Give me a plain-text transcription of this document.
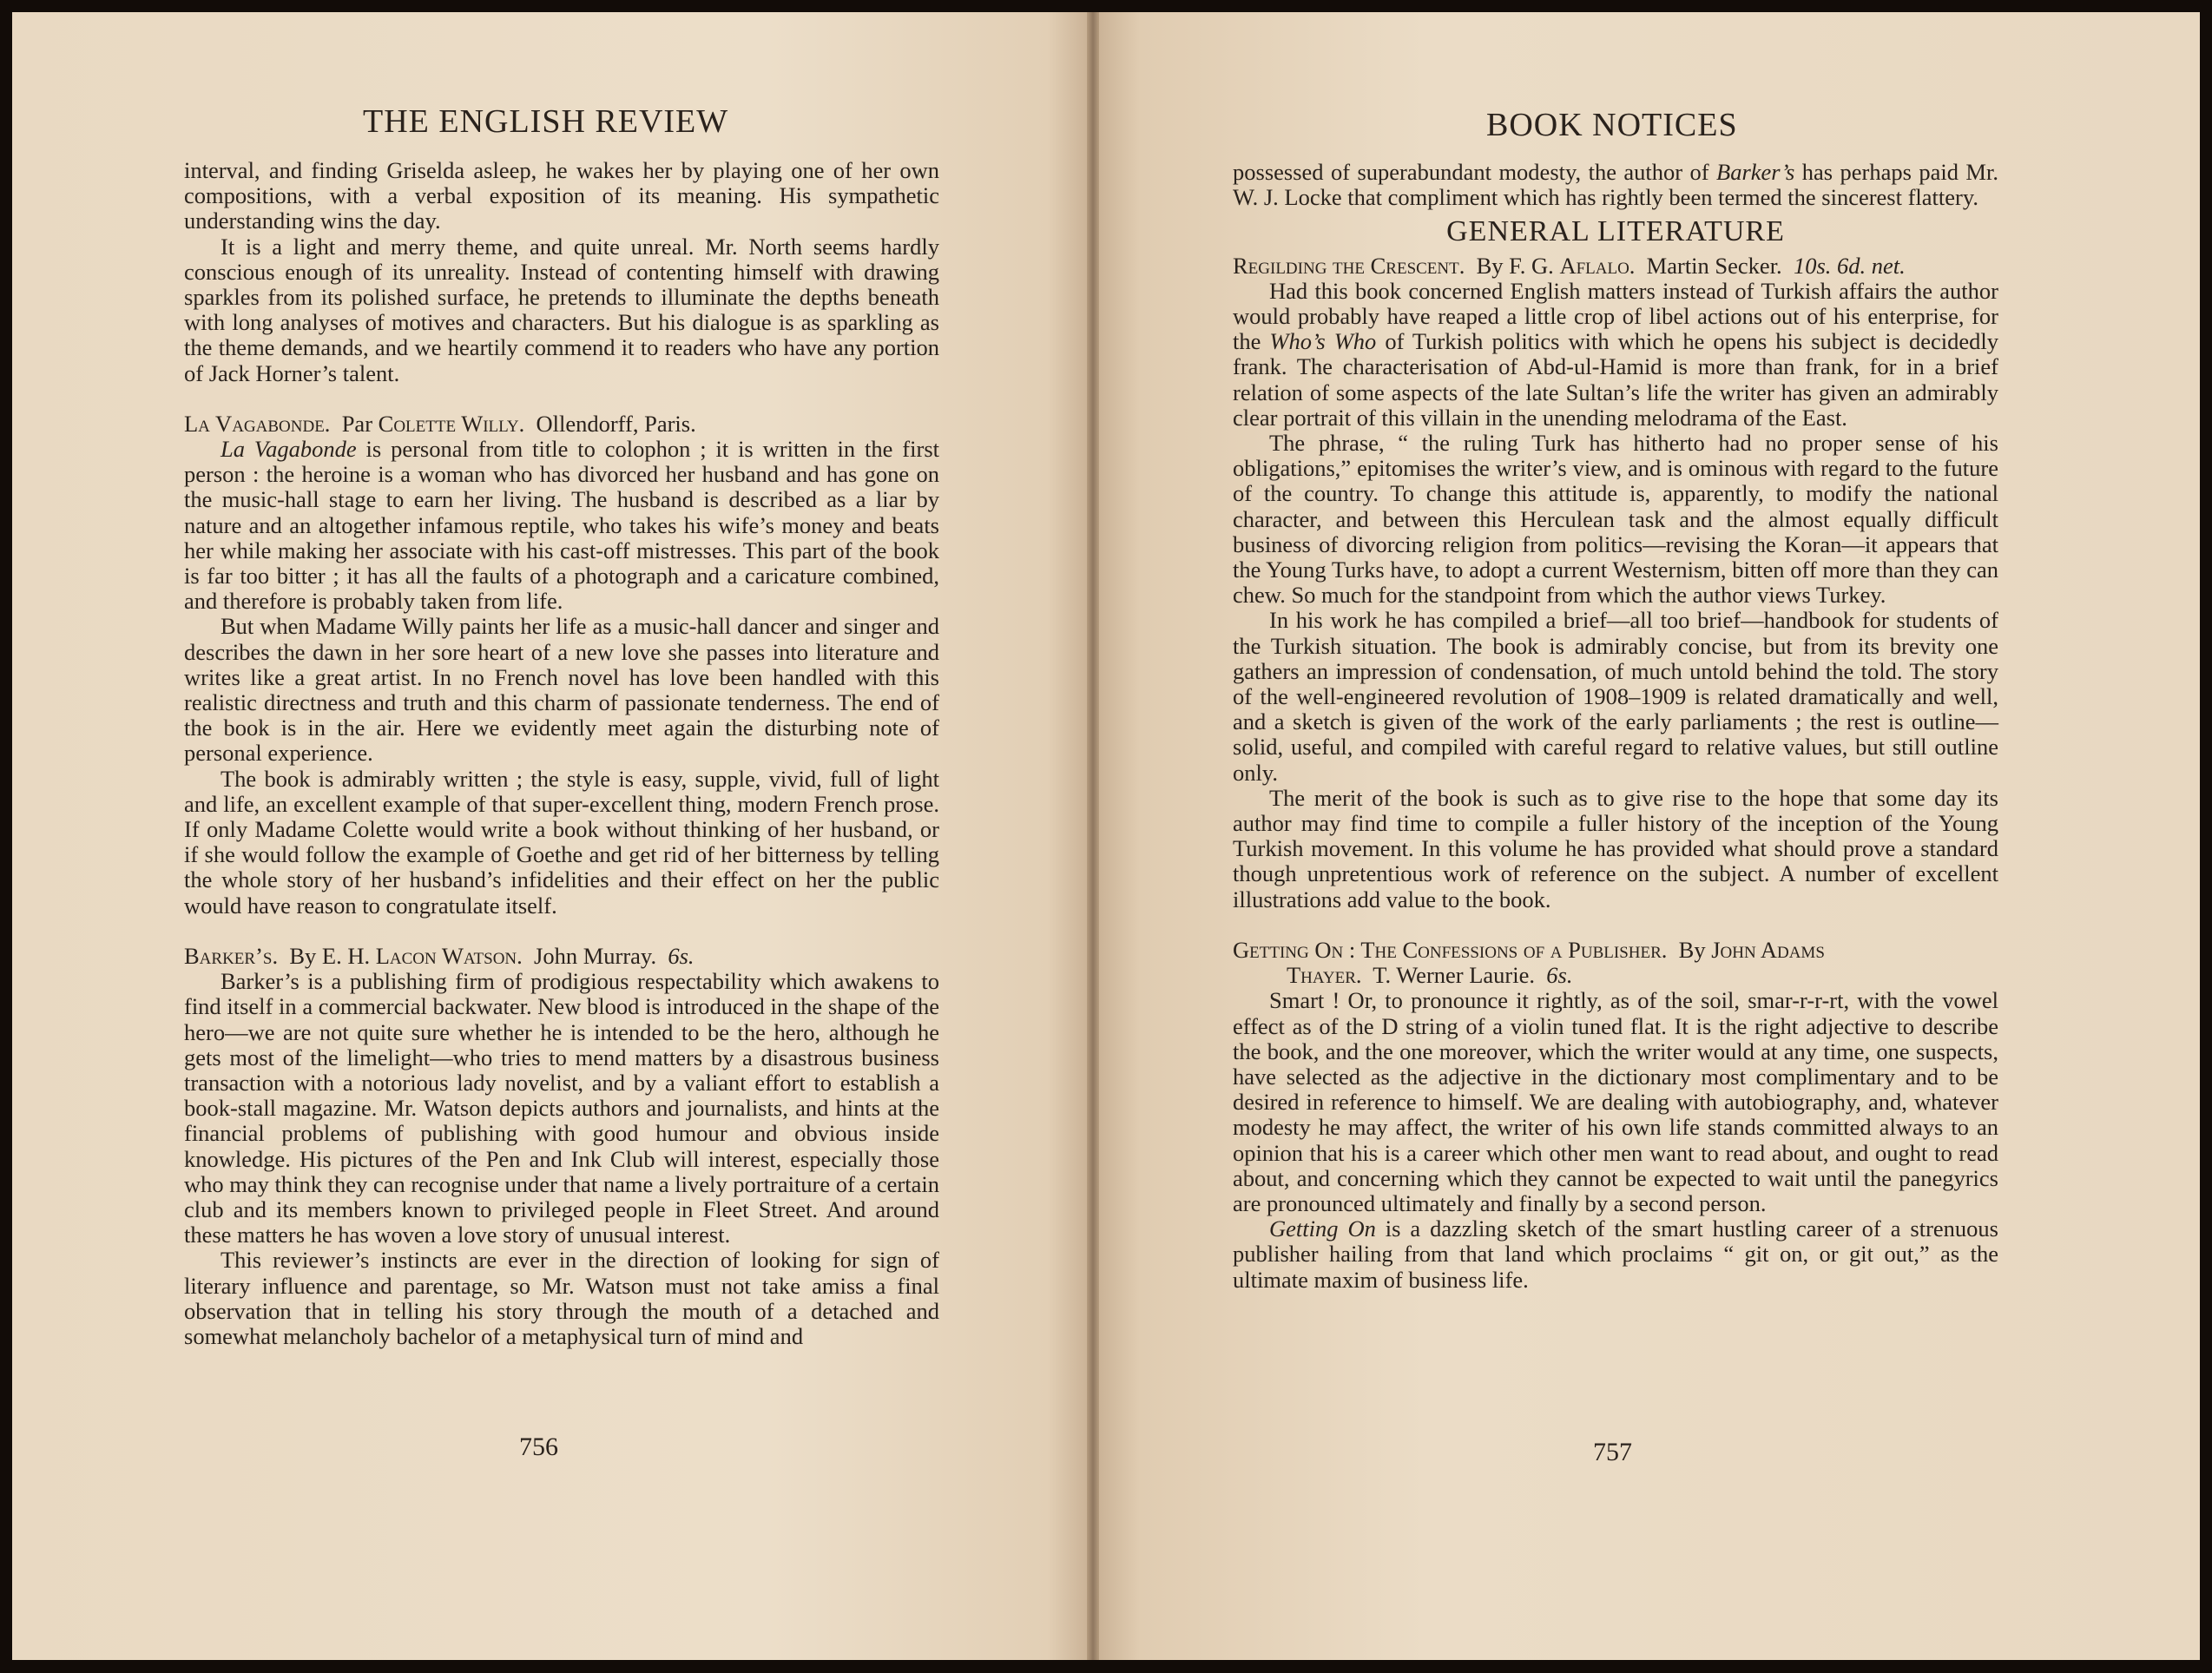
THE ENGLISH REVIEW

interval, and finding Griselda asleep, he wakes her by playing one of her own compositions, with a verbal exposition of its meaning. His sympathetic understanding wins the day.

It is a light and merry theme, and quite unreal. Mr. North seems hardly conscious enough of its unreality. Instead of contenting himself with drawing sparkles from its polished surface, he pretends to illuminate the depths beneath with long analyses of motives and characters. But his dialogue is as sparkling as the theme demands, and we heartily commend it to readers who have any portion of Jack Horner’s talent.

La Vagabonde. Par Colette Willy. Ollendorff, Paris.

La Vagabonde is personal from title to colophon ; it is written in the first person : the heroine is a woman who has divorced her husband and has gone on the music-hall stage to earn her living. The husband is described as a liar by nature and an altogether infamous reptile, who takes his wife’s money and beats her while making her associate with his cast-off mistresses. This part of the book is far too bitter ; it has all the faults of a photograph and a caricature combined, and therefore is probably taken from life.

But when Madame Willy paints her life as a music-hall dancer and singer and describes the dawn in her sore heart of a new love she passes into literature and writes like a great artist. In no French novel has love been handled with this realistic directness and truth and this charm of passionate tenderness. The end of the book is in the air. Here we evidently meet again the disturbing note of personal experience.

The book is admirably written ; the style is easy, supple, vivid, full of light and life, an excellent example of that super-excellent thing, modern French prose. If only Madame Colette would write a book without thinking of her husband, or if she would follow the example of Goethe and get rid of her bitterness by telling the whole story of her husband’s infidelities and their effect on her the public would have reason to congratulate itself.

Barker’s. By E. H. Lacon Watson. John Murray. 6s.

Barker’s is a publishing firm of prodigious respectability which awakens to find itself in a commercial backwater. New blood is introduced in the shape of the hero—we are not quite sure whether he is intended to be the hero, although he gets most of the limelight—who tries to mend matters by a disastrous business transaction with a notorious lady novelist, and by a valiant effort to establish a book-stall magazine. Mr. Watson depicts authors and journalists, and hints at the financial problems of publishing with good humour and obvious inside knowledge. His pictures of the Pen and Ink Club will interest, especially those who may think they can recognise under that name a lively portraiture of a certain club and its members known to privileged people in Fleet Street. And around these matters he has woven a love story of unusual interest.

This reviewer’s instincts are ever in the direction of looking for sign of literary influence and parentage, so Mr. Watson must not take amiss a final observation that in telling his story through the mouth of a detached and somewhat melancholy bachelor of a metaphysical turn of mind and

756
BOOK NOTICES

possessed of superabundant modesty, the author of Barker’s has perhaps paid Mr. W. J. Locke that compliment which has rightly been termed the sincerest flattery.

GENERAL LITERATURE

Regilding the Crescent. By F. G. Aflalo. Martin Secker. 10s. 6d. net.

Had this book concerned English matters instead of Turkish affairs the author would probably have reaped a little crop of libel actions out of his enterprise, for the Who’s Who of Turkish politics with which he opens his subject is decidedly frank. The characterisation of Abd-ul-Hamid is more than frank, for in a brief relation of some aspects of the late Sultan’s life the writer has given an admirably clear portrait of this villain in the unending melodrama of the East.

The phrase, “ the ruling Turk has hitherto had no proper sense of his obligations,” epitomises the writer’s view, and is ominous with regard to the future of the country. To change this attitude is, apparently, to modify the national character, and between this Herculean task and the almost equally difficult business of divorcing religion from politics—revising the Koran—it appears that the Young Turks have, to adopt a current Westernism, bitten off more than they can chew. So much for the standpoint from which the author views Turkey.

In his work he has compiled a brief—all too brief—handbook for students of the Turkish situation. The book is admirably concise, but from its brevity one gathers an impression of condensation, of much untold behind the told. The story of the well-engineered revolution of 1908–1909 is related dramatically and well, and a sketch is given of the work of the early parliaments ; the rest is outline—solid, useful, and compiled with careful regard to relative values, but still outline only.

The merit of the book is such as to give rise to the hope that some day its author may find time to compile a fuller history of the inception of the Young Turkish movement. In this volume he has provided what should prove a standard though unpretentious work of reference on the subject. A number of excellent illustrations add value to the book.

Getting On : The Confessions of a Publisher. By John Adams
Thayer. T. Werner Laurie. 6s.

Smart ! Or, to pronounce it rightly, as of the soil, smar-r-r-rt, with the vowel effect as of the D string of a violin tuned flat. It is the right adjective to describe the book, and the one moreover, which the writer would at any time, one suspects, have selected as the adjective in the dictionary most complimentary and to be desired in reference to himself. We are dealing with autobiography, and, whatever modesty he may affect, the writer of his own life stands committed always to an opinion that his is a career which other men want to read about, and ought to read about, and concerning which they cannot be expected to wait until the panegyrics are pronounced ultimately and finally by a second person.

Getting On is a dazzling sketch of the smart hustling career of a strenuous publisher hailing from that land which proclaims “ git on, or git out,” as the ultimate maxim of business life.

757
